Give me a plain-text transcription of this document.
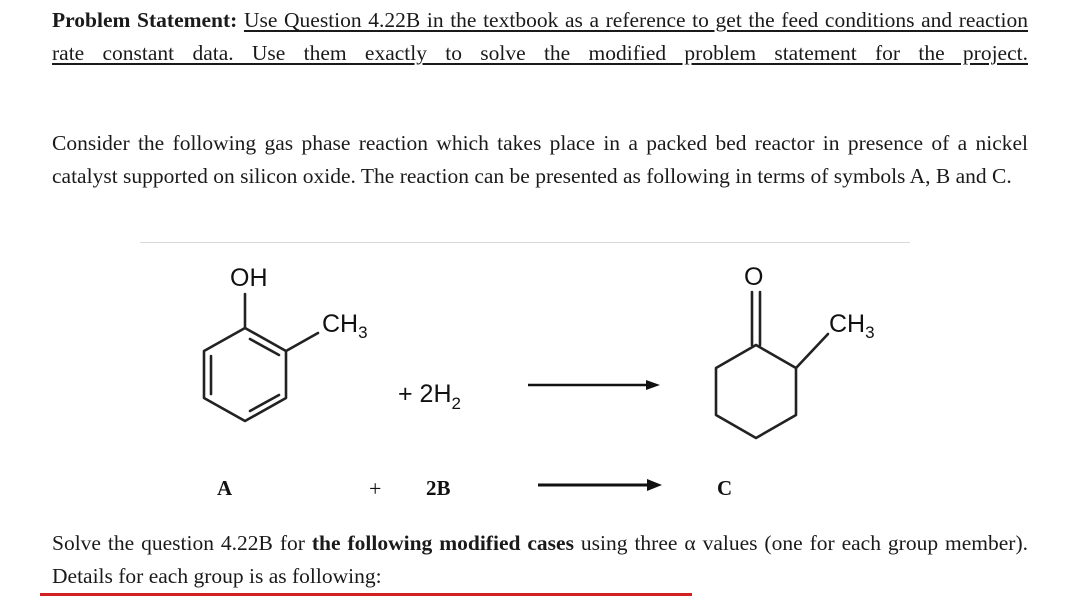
Problem Statement: Use Question 4.22B in the textbook as a reference to get the feed conditions and reaction rate constant data. Use them exactly to solve the modified problem statement for the project.
Consider the following gas phase reaction which takes place in a packed bed reactor in presence of a nickel catalyst supported on silicon oxide. The reaction can be presented as following in terms of symbols A, B and C.
OH
CH3
+ 2H2
O
CH3
A	+ 2B	C
Solve the question 4.22B for the following modified cases using three α values (one for each group member). Details for each group is as following:
